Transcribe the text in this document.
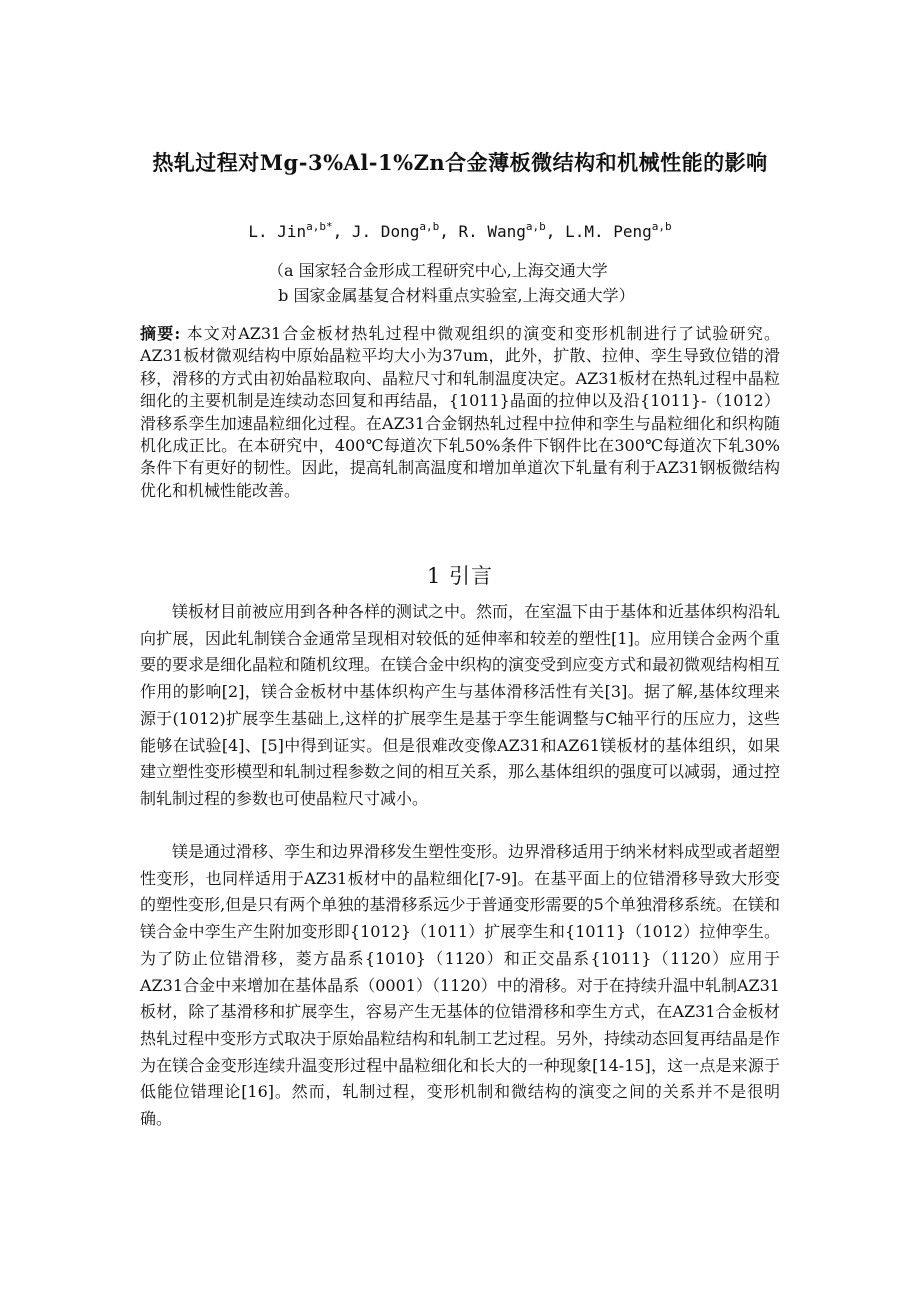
热轧过程对Mg-3%Al-1%Zn合金薄板微结构和机械性能的影响
L. Jin$^{a,b*}$, J. Dong$^{a,b}$, R. Wang$^{a,b}$, L.M. Peng$^{a,b}$
（a 国家轻合金形成工程研究中心,上海交通大学
b 国家金属基复合材料重点实验室,上海交通大学）
摘要: 本文对AZ31合金板材热轧过程中微观组织的演变和变形机制进行了试验研究。AZ31板材微观结构中原始晶粒平均大小为37um，此外，扩散、拉伸、孪生导致位错的滑移，滑移的方式由初始晶粒取向、晶粒尺寸和轧制温度决定。AZ31板材在热轧过程中晶粒细化的主要机制是连续动态回复和再结晶，{1011}晶面的拉伸以及沿{1011}-（1012）滑移系孪生加速晶粒细化过程。在AZ31合金钢热轧过程中拉伸和孪生与晶粒细化和织构随机化成正比。在本研究中，400℃每道次下轧50%条件下钢件比在300℃每道次下轧30%条件下有更好的韧性。因此，提高轧制高温度和增加单道次下轧量有利于AZ31钢板微结构优化和机械性能改善。
1 引言
镁板材目前被应用到各种各样的测试之中。然而，在室温下由于基体和近基体织构沿轧向扩展，因此轧制镁合金通常呈现相对较低的延伸率和较差的塑性[1]。应用镁合金两个重要的要求是细化晶粒和随机纹理。在镁合金中织构的演变受到应变方式和最初微观结构相互作用的影响[2]，镁合金板材中基体织构产生与基体滑移活性有关[3]。据了解,基体纹理来源于(1012)扩展孪生基础上,这样的扩展孪生是基于孪生能调整与C轴平行的压应力，这些能够在试验[4]、[5]中得到证实。但是很难改变像AZ31和AZ61镁板材的基体组织，如果建立塑性变形模型和轧制过程参数之间的相互关系，那么基体组织的强度可以减弱，通过控制轧制过程的参数也可使晶粒尺寸减小。
镁是通过滑移、孪生和边界滑移发生塑性变形。边界滑移适用于纳米材料成型或者超塑性变形，也同样适用于AZ31板材中的晶粒细化[7-9]。在基平面上的位错滑移导致大形变的塑性变形,但是只有两个单独的基滑移系远少于普通变形需要的5个单独滑移系统。在镁和镁合金中孪生产生附加变形即{1012}（1011）扩展孪生和{1011}（1012）拉伸孪生。为了防止位错滑移，菱方晶系{1010}（1120）和正交晶系{1011}（1120）应用于AZ31合金中来增加在基体晶系（0001）（1120）中的滑移。对于在持续升温中轧制AZ31板材，除了基滑移和扩展孪生，容易产生无基体的位错滑移和孪生方式，在AZ31合金板材热轧过程中变形方式取决于原始晶粒结构和轧制工艺过程。另外，持续动态回复再结晶是作为在镁合金变形连续升温变形过程中晶粒细化和长大的一种现象[14-15]，这一点是来源于低能位错理论[16]。然而，轧制过程，变形机制和微结构的演变之间的关系并不是很明确。
